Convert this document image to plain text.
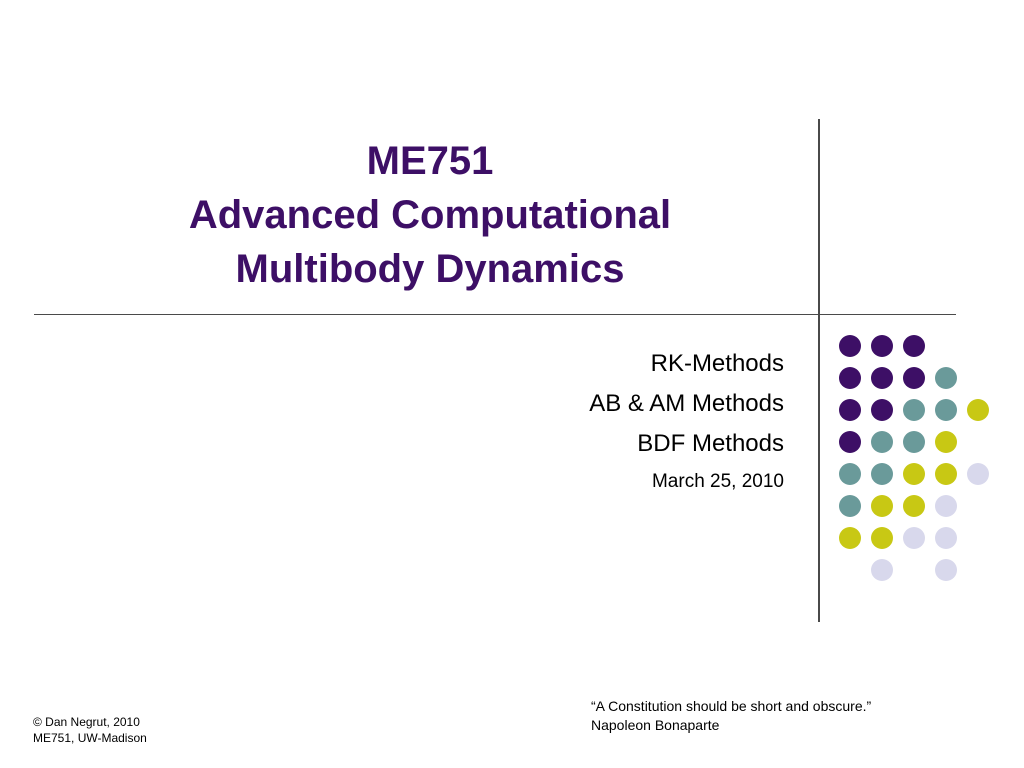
ME751
Advanced Computational
Multibody Dynamics
RK-Methods
AB & AM Methods
BDF Methods
March 25, 2010
“A Constitution should be short and obscure.”
Napoleon Bonaparte
© Dan Negrut, 2010
ME751, UW-Madison
